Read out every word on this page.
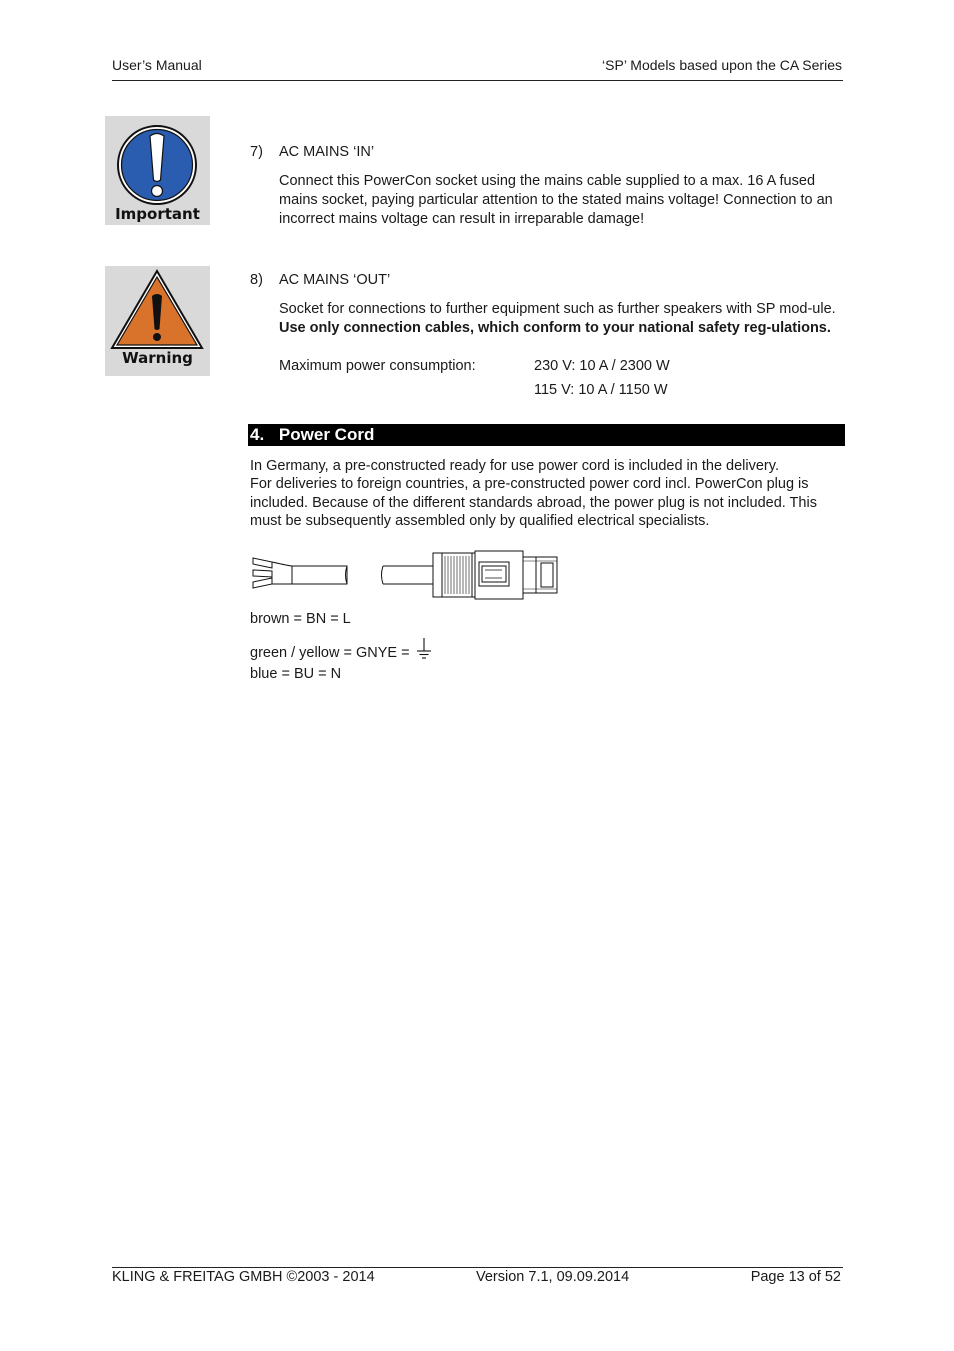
User’s Manual	‘SP’ Models based upon the CA Series
Important
7) AC MAINS ‘IN’
Connect this PowerCon socket using the mains cable supplied to a max. 16 A fused mains socket, paying particular attention to the stated mains voltage! Connection to an incorrect mains voltage can result in irreparable damage!
Warning
8) AC MAINS ‘OUT’
Socket for connections to further equipment such as further speakers with SP mod-ule. Use only connection cables, which conform to your national safety reg-ulations.
Maximum power consumption:	230 V: 10 A / 2300 W
115 V: 10 A / 1150 W
4. Power Cord
In Germany, a pre-constructed ready for use power cord is included in the delivery.
For deliveries to foreign countries, a pre-constructed power cord incl. PowerCon plug is included. Because of the different standards abroad, the power plug is not included. This must be subsequently assembled only by qualified electrical specialists.
brown = BN = L
green / yellow = GNYE =
blue = BU = N
KLING & FREITAG GMBH ©2003 - 2014	Version 7.1, 09.09.2014	Page 13 of 52
